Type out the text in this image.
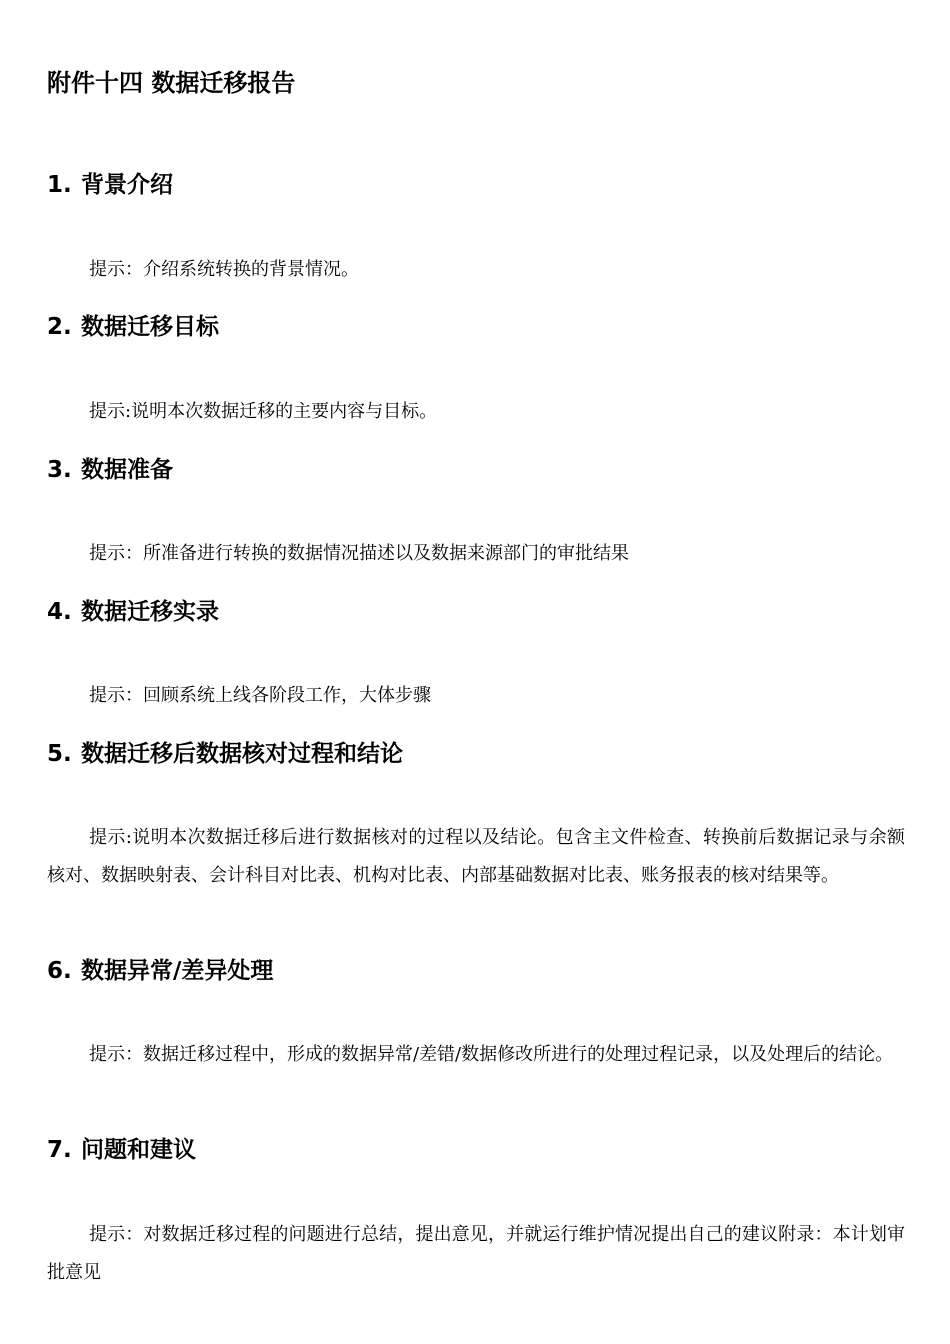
附件十四 数据迁移报告
1. 背景介绍
提示：介绍系统转换的背景情况。
2. 数据迁移目标
提示:说明本次数据迁移的主要内容与目标。
3. 数据准备
提示：所准备进行转换的数据情况描述以及数据来源部门的审批结果
4. 数据迁移实录
提示：回顾系统上线各阶段工作，大体步骤
5. 数据迁移后数据核对过程和结论
提示:说明本次数据迁移后进行数据核对的过程以及结论。包含主文件检查、转换前后数据记录与余额核对、数据映射表、会计科目对比表、机构对比表、内部基础数据对比表、账务报表的核对结果等。
6. 数据异常/差异处理
提示：数据迁移过程中，形成的数据异常/差错/数据修改所进行的处理过程记录，以及处理后的结论。
7. 问题和建议
提示：对数据迁移过程的问题进行总结，提出意见，并就运行维护情况提出自己的建议附录：本计划审批意见
